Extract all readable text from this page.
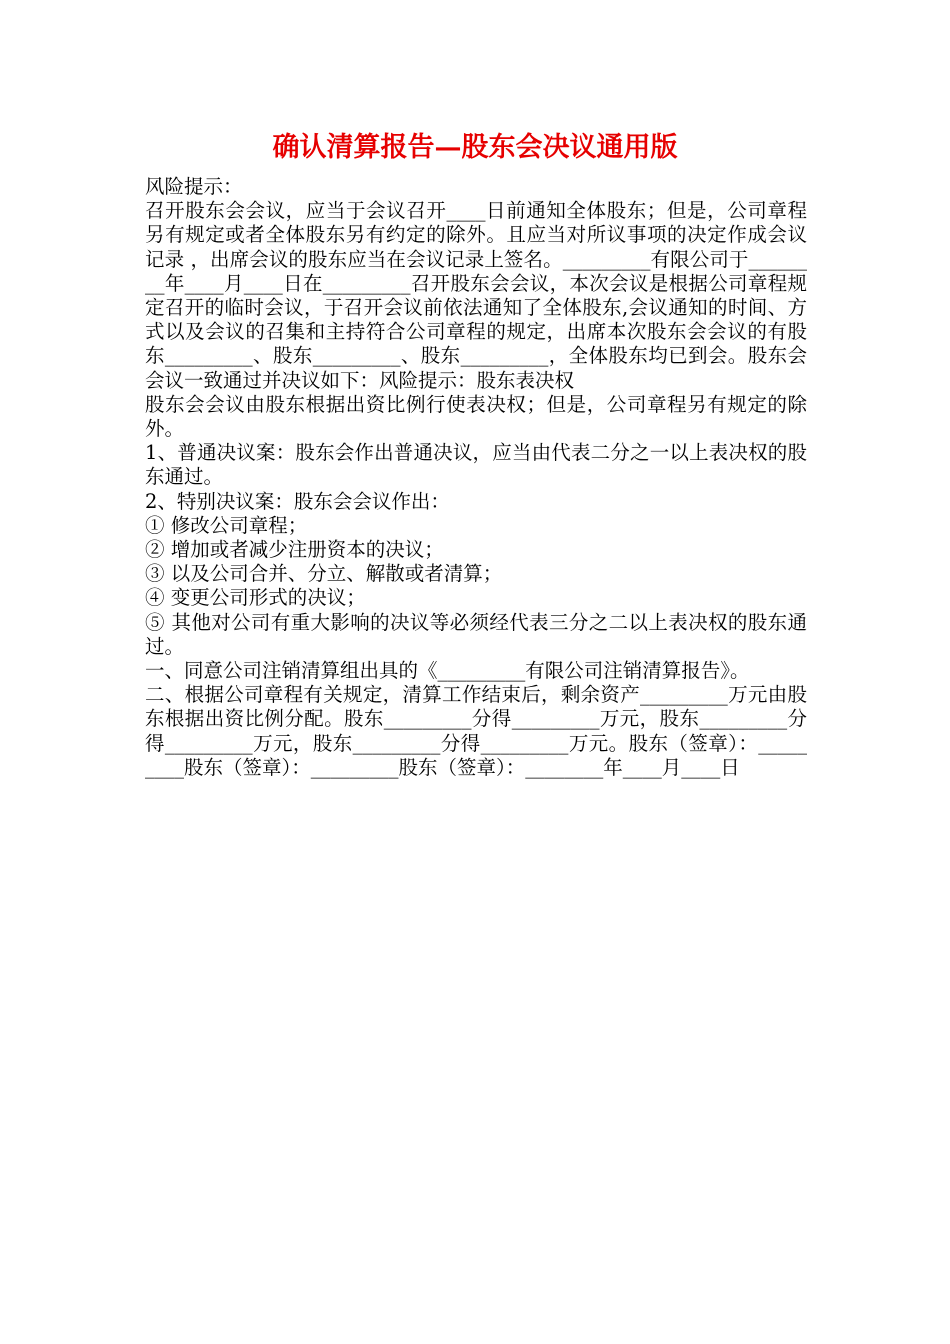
确认清算报告—股东会决议通用版

风险提示：

召开股东会会议，应当于会议召开____日前通知全体股东；但是，公司章程另有规定或者全体股东另有约定的除外。且应当对所议事项的决定作成会议记录 ，出席会议的股东应当在会议记录上签名。_________有限公司于________年____月____日在_________召开股东会会议，本次会议是根据公司章程规定召开的临时会议，于召开会议前依法通知了全体股东,会议通知的时间、方式以及会议的召集和主持符合公司章程的规定，出席本次股东会会议的有股东_________、股东_________、股东_________，全体股东均已到会。股东会会议一致通过并决议如下：风险提示：股东表决权

股东会会议由股东根据出资比例行使表决权；但是，公司章程另有规定的除外。

1、普通决议案：股东会作出普通决议，应当由代表二分之一以上表决权的股东通过。

2、特别决议案：股东会会议作出：

① 修改公司章程；

② 增加或者减少注册资本的决议；

③ 以及公司合并、分立、解散或者清算；

④ 变更公司形式的决议；

⑤ 其他对公司有重大影响的决议等必须经代表三分之二以上表决权的股东通过。

一、同意公司注销清算组出具的《_________有限公司注销清算报告》。

二、根据公司章程有关规定，清算工作结束后，剩余资产_________万元由股东根据出资比例分配。股东_________分得_________万元，股东_________分得_________万元，股东_________分得_________万元。股东（签章）：_________股东（签章）：_________股东（签章）：________年____月____日
